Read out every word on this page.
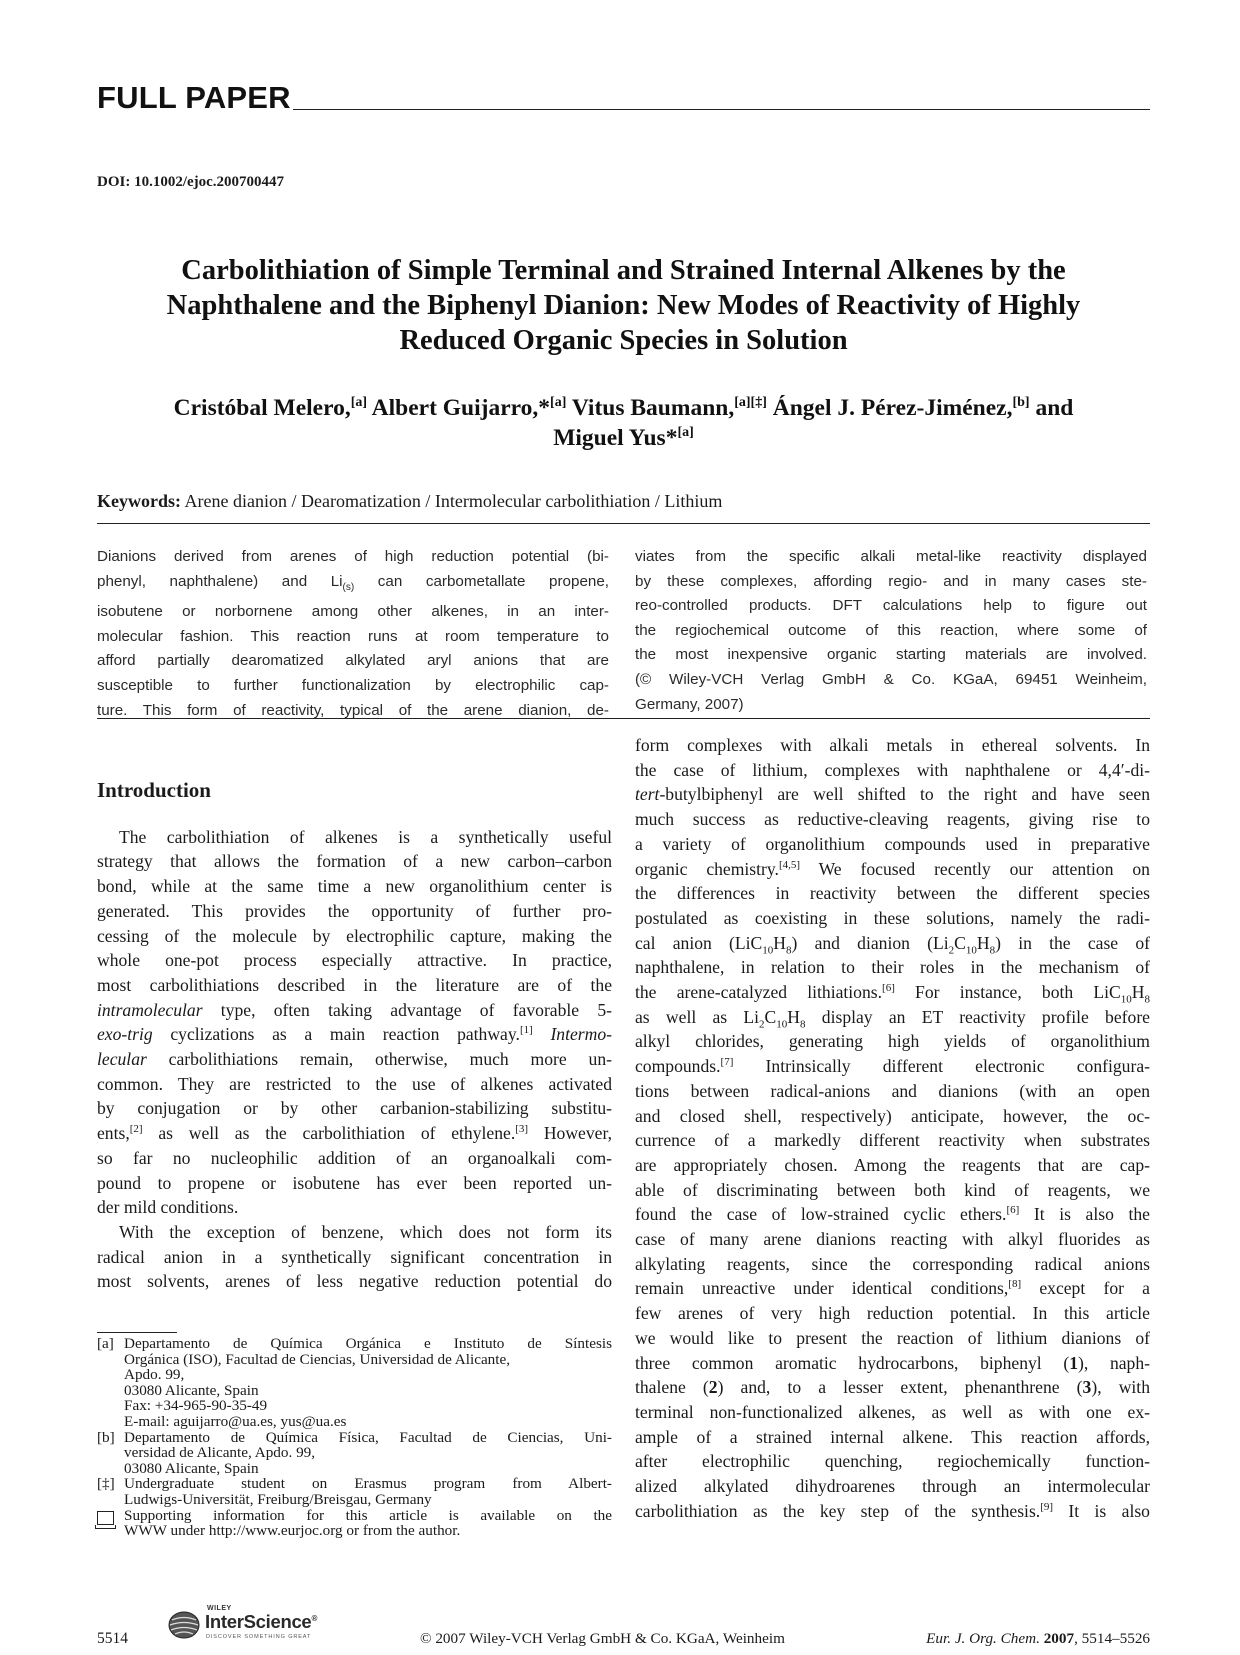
FULL PAPER
DOI: 10.1002/ejoc.200700447
Carbolithiation of Simple Terminal and Strained Internal Alkenes by the
Naphthalene and the Biphenyl Dianion: New Modes of Reactivity of Highly
Reduced Organic Species in Solution
Cristóbal Melero,[a] Albert Guijarro,*[a] Vitus Baumann,[a][‡] Ángel J. Pérez-Jiménez,[b] and
Miguel Yus*[a]
Keywords: Arene dianion / Dearomatization / Intermolecular carbolithiation / Lithium
Dianions derived from arenes of high reduction potential (bi-
phenyl, naphthalene) and $Li_{(s)}$ can carbometallate propene,
isobutene or norbornene among other alkenes, in an inter-
molecular fashion. This reaction runs at room temperature to
afford partially dearomatized alkylated aryl anions that are
susceptible to further functionalization by electrophilic cap-
ture. This form of reactivity, typical of the arene dianion, de-
viates from the specific alkali metal-like reactivity displayed
by these complexes, affording regio- and in many cases ste-
reo-controlled products. DFT calculations help to figure out
the regiochemical outcome of this reaction, where some of
the most inexpensive organic starting materials are involved.
(© Wiley-VCH Verlag GmbH & Co. KGaA, 69451 Weinheim,
Germany, 2007)
Introduction
The carbolithiation of alkenes is a synthetically useful
strategy that allows the formation of a new carbon–carbon
bond, while at the same time a new organolithium center is
generated. This provides the opportunity of further pro-
cessing of the molecule by electrophilic capture, making the
whole one-pot process especially attractive. In practice,
most carbolithiations described in the literature are of the
intramolecular type, often taking advantage of favorable 5-
exo-trig cyclizations as a main reaction pathway.[1] Intermo-
lecular carbolithiations remain, otherwise, much more un-
common. They are restricted to the use of alkenes activated
by conjugation or by other carbanion-stabilizing substitu-
ents,[2] as well as the carbolithiation of ethylene.[3] However,
so far no nucleophilic addition of an organoalkali com-
pound to propene or isobutene has ever been reported un-
der mild conditions.
With the exception of benzene, which does not form its
radical anion in a synthetically significant concentration in
most solvents, arenes of less negative reduction potential do
form complexes with alkali metals in ethereal solvents. In
the case of lithium, complexes with naphthalene or 4,4′-di-
tert-butylbiphenyl are well shifted to the right and have seen
much success as reductive-cleaving reagents, giving rise to
a variety of organolithium compounds used in preparative
organic chemistry.[4,5] We focused recently our attention on
the differences in reactivity between the different species
postulated as coexisting in these solutions, namely the radi-
cal anion $(LiC_{10}H_8)$ and dianion $(Li_2C_{10}H_8)$ in the case of
naphthalene, in relation to their roles in the mechanism of
the arene-catalyzed lithiations.[6] For instance, both $LiC_{10}H_8$
as well as $Li_2C_{10}H_8$ display an ET reactivity profile before
alkyl chlorides, generating high yields of organolithium
compounds.[7] Intrinsically different electronic configura-
tions between radical-anions and dianions (with an open
and closed shell, respectively) anticipate, however, the oc-
currence of a markedly different reactivity when substrates
are appropriately chosen. Among the reagents that are cap-
able of discriminating between both kind of reagents, we
found the case of low-strained cyclic ethers.[6] It is also the
case of many arene dianions reacting with alkyl fluorides as
alkylating reagents, since the corresponding radical anions
remain unreactive under identical conditions,[8] except for a
few arenes of very high reduction potential. In this article
we would like to present the reaction of lithium dianions of
three common aromatic hydrocarbons, biphenyl (1), naph-
thalene (2) and, to a lesser extent, phenanthrene (3), with
terminal non-functionalized alkenes, as well as with one ex-
ample of a strained internal alkene. This reaction affords,
after electrophilic quenching, regiochemically function-
alized alkylated dihydroarenes through an intermolecular
carbolithiation as the key step of the synthesis.[9] It is also
[a] Departamento de Química Orgánica e Instituto de Síntesis
Orgánica (ISO), Facultad de Ciencias, Universidad de Alicante,
Apdo. 99,
03080 Alicante, Spain
Fax: +34-965-90-35-49
E-mail: aguijarro@ua.es, yus@ua.es
[b] Departamento de Química Física, Facultad de Ciencias, Uni-
versidad de Alicante, Apdo. 99,
03080 Alicante, Spain
[‡] Undergraduate student on Erasmus program from Albert-
Ludwigs-Universität, Freiburg/Breisgau, Germany
Supporting information for this article is available on the
WWW under http://www.eurjoc.org or from the author.
5514
WILEY
InterScience®
DISCOVER SOMETHING GREAT	© 2007 Wiley-VCH Verlag GmbH & Co. KGaA, Weinheim	Eur. J. Org. Chem. 2007, 5514–5526
